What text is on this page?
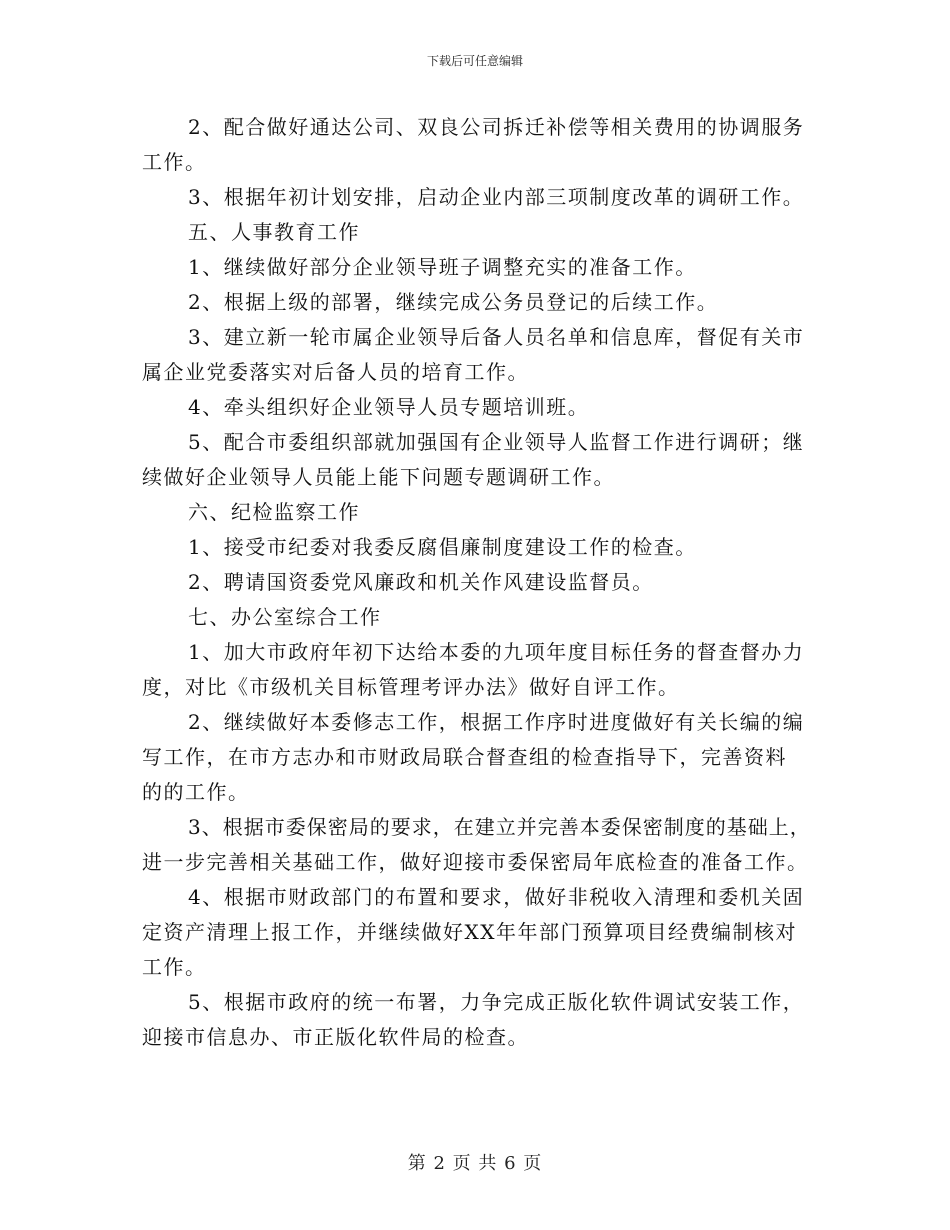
下载后可任意编辑

2、配合做好通达公司、双良公司拆迁补偿等相关费用的协调服务
工作。

3、根据年初计划安排，启动企业内部三项制度改革的调研工作。

五、人事教育工作

1、继续做好部分企业领导班子调整充实的准备工作。

2、根据上级的部署，继续完成公务员登记的后续工作。

3、建立新一轮市属企业领导后备人员名单和信息库，督促有关市
属企业党委落实对后备人员的培育工作。

4、牵头组织好企业领导人员专题培训班。

5、配合市委组织部就加强国有企业领导人监督工作进行调研；继
续做好企业领导人员能上能下问题专题调研工作。

六、纪检监察工作

1、接受市纪委对我委反腐倡廉制度建设工作的检查。

2、聘请国资委党风廉政和机关作风建设监督员。

七、办公室综合工作

1、加大市政府年初下达给本委的九项年度目标任务的督查督办力
度，对比《市级机关目标管理考评办法》做好自评工作。

2、继续做好本委修志工作，根据工作序时进度做好有关长编的编
写工作，在市方志办和市财政局联合督查组的检查指导下，完善资料
的的工作。

3、根据市委保密局的要求，在建立并完善本委保密制度的基础上，
进一步完善相关基础工作，做好迎接市委保密局年底检查的准备工作。

4、根据市财政部门的布置和要求，做好非税收入清理和委机关固
定资产清理上报工作，并继续做好XX年年部门预算项目经费编制核对
工作。

5、根据市政府的统一布署，力争完成正版化软件调试安装工作，
迎接市信息办、市正版化软件局的检查。

第 2 页 共 6 页
